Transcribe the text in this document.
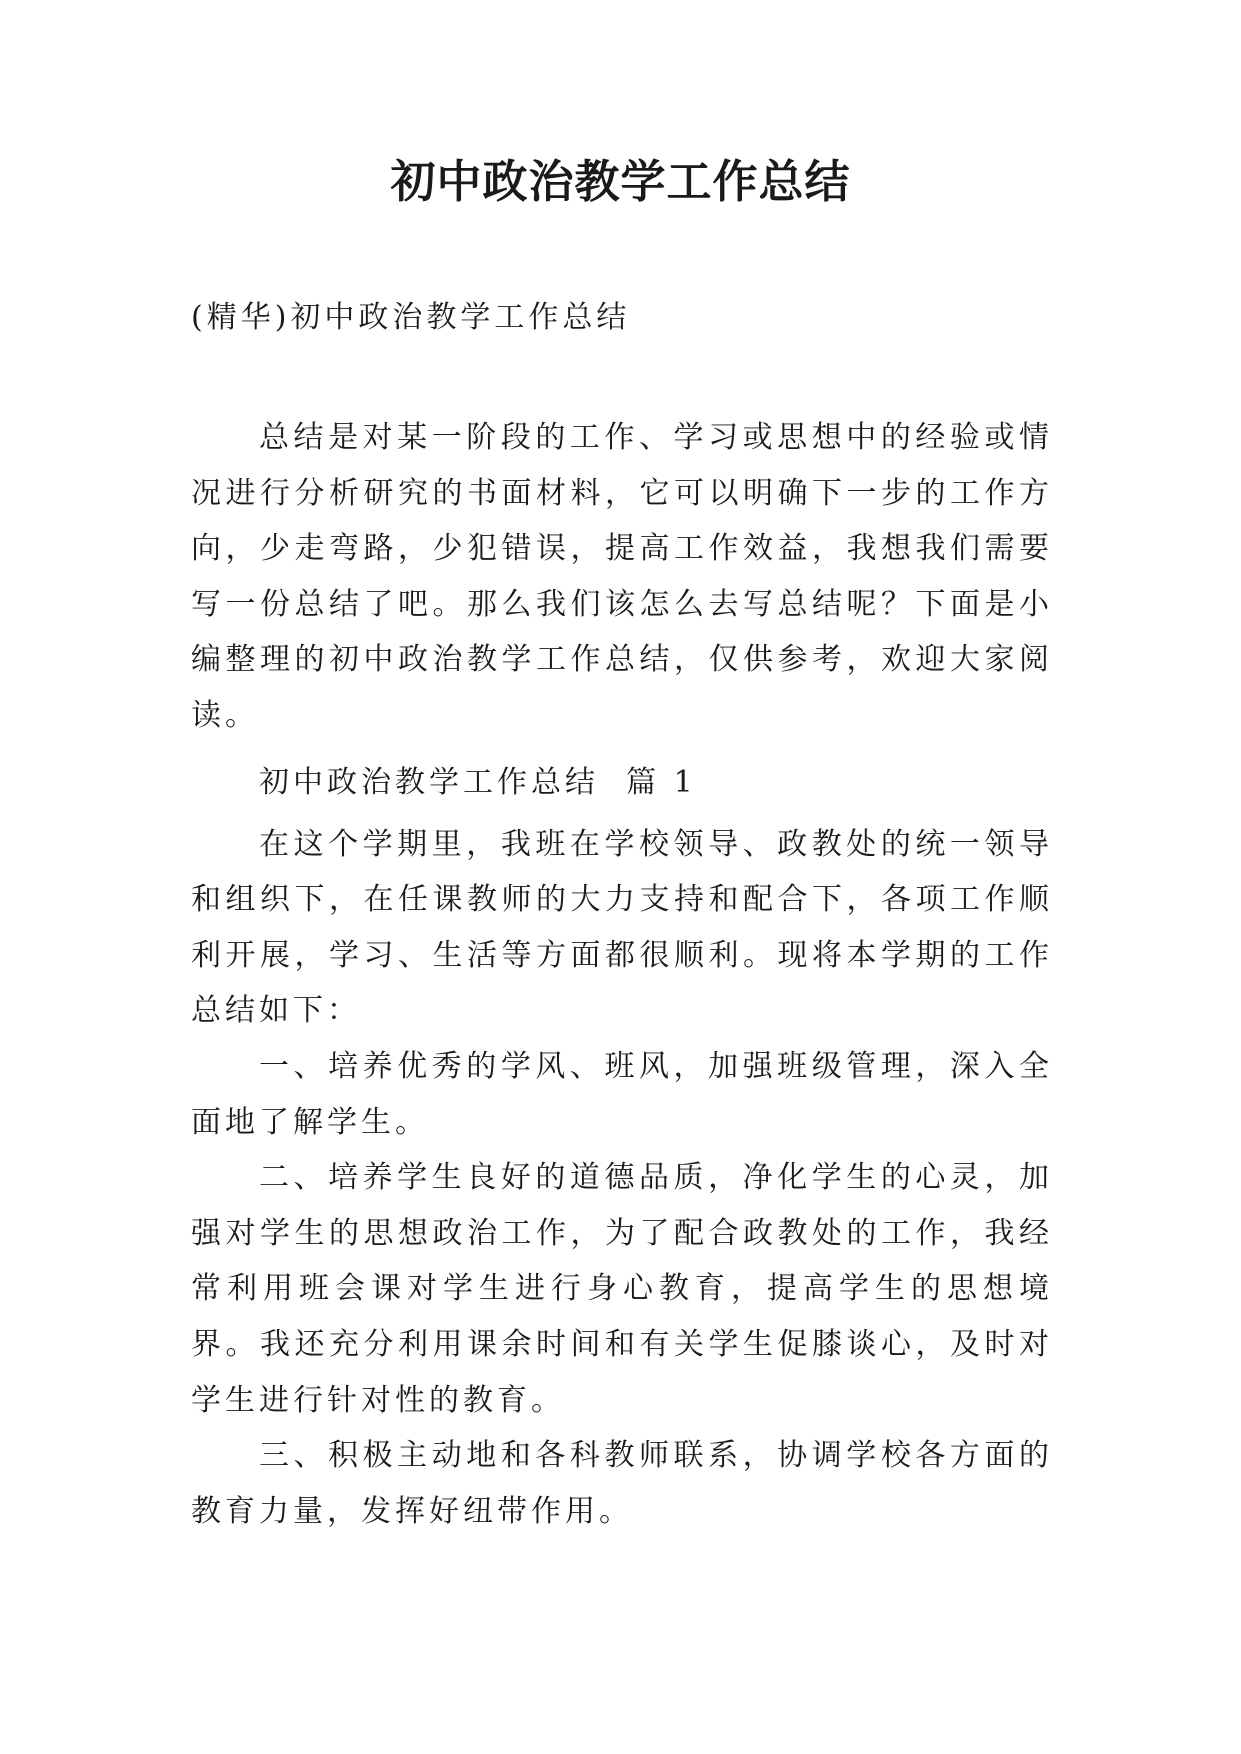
初中政治教学工作总结

(精华)初中政治教学工作总结

总结是对某一阶段的工作、学习或思想中的经验或情况进行分析研究的书面材料，它可以明确下一步的工作方向，少走弯路，少犯错误，提高工作效益，我想我们需要写一份总结了吧。那么我们该怎么去写总结呢？下面是小编整理的初中政治教学工作总结，仅供参考，欢迎大家阅读。

初中政治教学工作总结  篇 1

在这个学期里，我班在学校领导、政教处的统一领导和组织下，在任课教师的大力支持和配合下，各项工作顺利开展，学习、生活等方面都很顺利。现将本学期的工作总结如下：

一、培养优秀的学风、班风，加强班级管理，深入全面地了解学生。

二、培养学生良好的道德品质，净化学生的心灵，加强对学生的思想政治工作，为了配合政教处的工作，我经常利用班会课对学生进行身心教育，提高学生的思想境界。我还充分利用课余时间和有关学生促膝谈心，及时对学生进行针对性的教育。

三、积极主动地和各科教师联系，协调学校各方面的教育力量，发挥好纽带作用。
